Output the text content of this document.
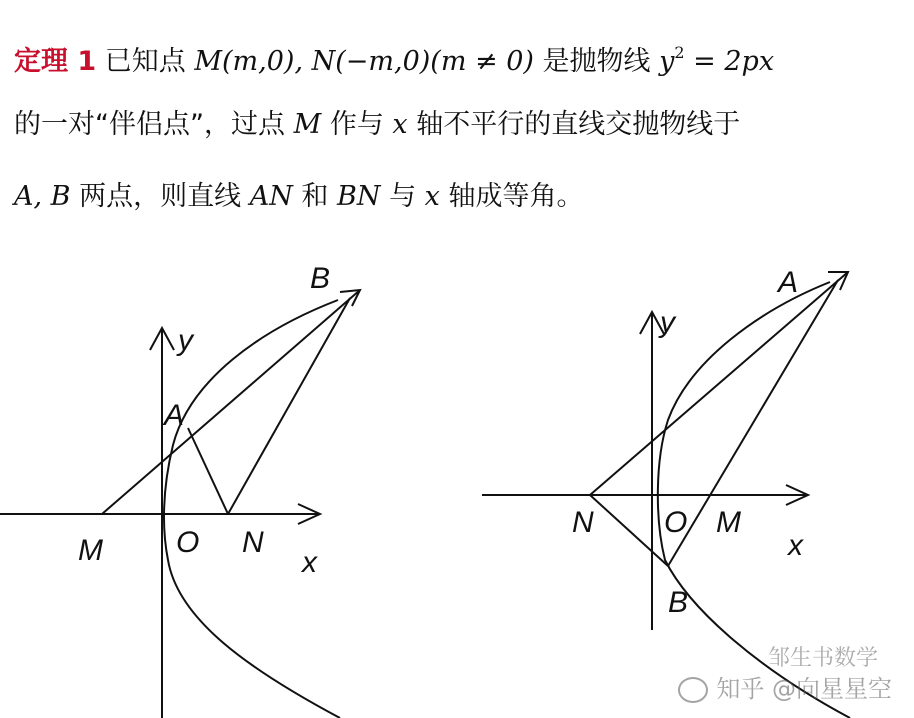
定理 1 已知点 M(m,0), N(−m,0)(m ≠ 0) 是抛物线 $y^2 = 2px$
的一对“伴侣点”，过点 M 作与 x 轴不平行的直线交抛物线于
A, B 两点，则直线 AN 和 BN 与 x 轴成等角。
B
y
A
M O N
x
A
y
N O M
x
B
邹生书数学
知乎 @向星星空
